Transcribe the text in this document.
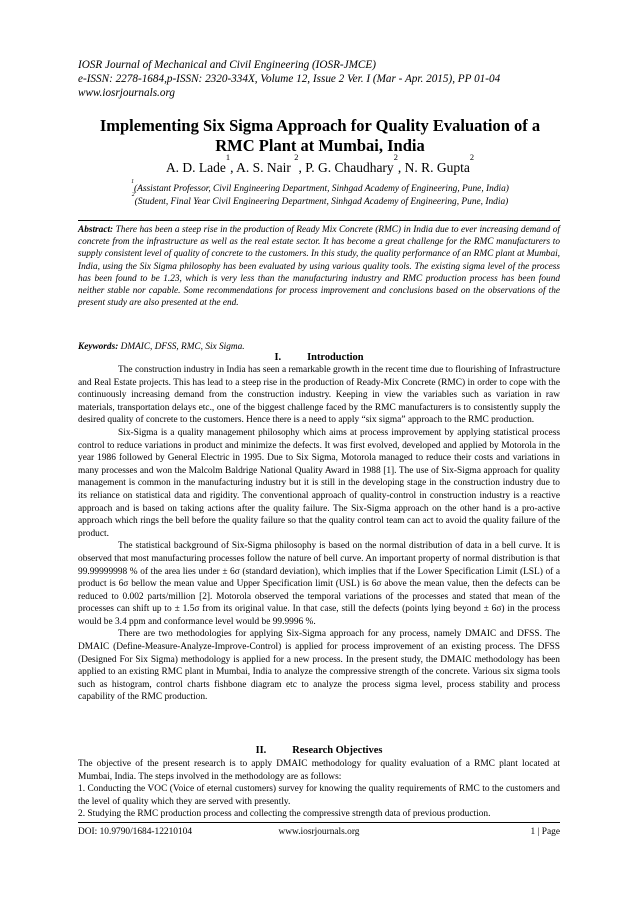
IOSR Journal of Mechanical and Civil Engineering (IOSR-JMCE)
e-ISSN: 2278-1684,p-ISSN: 2320-334X, Volume 12, Issue 2 Ver. I (Mar - Apr. 2015), PP 01-04
www.iosrjournals.org
Implementing Six Sigma Approach for Quality Evaluation of a
RMC Plant at Mumbai, India
A. D. Lade$^1$, A. S. Nair $^2$, P. G. Chaudhary$^2$, N. R. Gupta$^2$
$^1$(Assistant Professor, Civil Engineering Department, Sinhgad Academy of Engineering, Pune, India)
$^2$(Student, Final Year Civil Engineering Department, Sinhgad Academy of Engineering, Pune, India)
Abstract: There has been a steep rise in the production of Ready Mix Concrete (RMC) in India due to ever increasing demand of concrete from the infrastructure as well as the real estate sector. It has become a great challenge for the RMC manufacturers to supply consistent level of quality of concrete to the customers. In this study, the quality performance of an RMC plant at Mumbai, India, using the Six Sigma philosophy has been evaluated by using various quality tools. The existing sigma level of the process has been found to be 1.23, which is very less than the manufacturing industry and RMC production process has been found neither stable nor capable. Some recommendations for process improvement and conclusions based on the observations of the present study are also presented at the end.
Keywords: DMAIC, DFSS, RMC, Six Sigma.
I.	Introduction

The construction industry in India has seen a remarkable growth in the recent time due to flourishing of Infrastructure and Real Estate projects. This has lead to a steep rise in the production of Ready-Mix Concrete (RMC) in order to cope with the continuously increasing demand from the construction industry. Keeping in view the variables such as variation in raw materials, transportation delays etc., one of the biggest challenge faced by the RMC manufacturers is to consistently supply the desired quality of concrete to the customers. Hence there is a need to apply “six sigma” approach to the RMC production.

Six-Sigma is a quality management philosophy which aims at process improvement by applying statistical process control to reduce variations in product and minimize the defects. It was first evolved, developed and applied by Motorola in the year 1986 followed by General Electric in 1995. Due to Six Sigma, Motorola managed to reduce their costs and variations in many processes and won the Malcolm Baldrige National Quality Award in 1988 [1]. The use of Six-Sigma approach for quality management is common in the manufacturing industry but it is still in the developing stage in the construction industry due to its reliance on statistical data and rigidity. The conventional approach of quality-control in construction industry is a reactive approach and is based on taking actions after the quality failure. The Six-Sigma approach on the other hand is a pro-active approach which rings the bell before the quality failure so that the quality control team can act to avoid the quality failure of the product.

The statistical background of Six-Sigma philosophy is based on the normal distribution of data in a bell curve. It is observed that most manufacturing processes follow the nature of bell curve. An important property of normal distribution is that 99.99999998 % of the area lies under ± 6σ (standard deviation), which implies that if the Lower Specification Limit (LSL) of a product is 6σ bellow the mean value and Upper Specification limit (USL) is 6σ above the mean value, then the defects can be reduced to 0.002 parts/million [2]. Motorola observed the temporal variations of the processes and stated that mean of the processes can shift up to ± 1.5σ from its original value. In that case, still the defects (points lying beyond ± 6σ) in the process would be 3.4 ppm and conformance level would be 99.9996 %.

There are two methodologies for applying Six-Sigma approach for any process, namely DMAIC and DFSS. The DMAIC (Define-Measure-Analyze-Improve-Control) is applied for process improvement of an existing process. The DFSS (Designed For Six Sigma) methodology is applied for a new process. In the present study, the DMAIC methodology has been applied to an existing RMC plant in Mumbai, India to analyze the compressive strength of the concrete. Various six sigma tools such as histogram, control charts fishbone diagram etc to analyze the process sigma level, process stability and process capability of the RMC production.

II.	Research Objectives

The objective of the present research is to apply DMAIC methodology for quality evaluation of a RMC plant located at Mumbai, India. The steps involved in the methodology are as follows:

1. Conducting the VOC (Voice of eternal customers) survey for knowing the quality requirements of RMC to the customers and the level of quality which they are served with presently.

2. Studying the RMC production process and collecting the compressive strength data of previous production.

DOI: 10.9790/1684-12210104	www.iosrjournals.org	1 | Page
